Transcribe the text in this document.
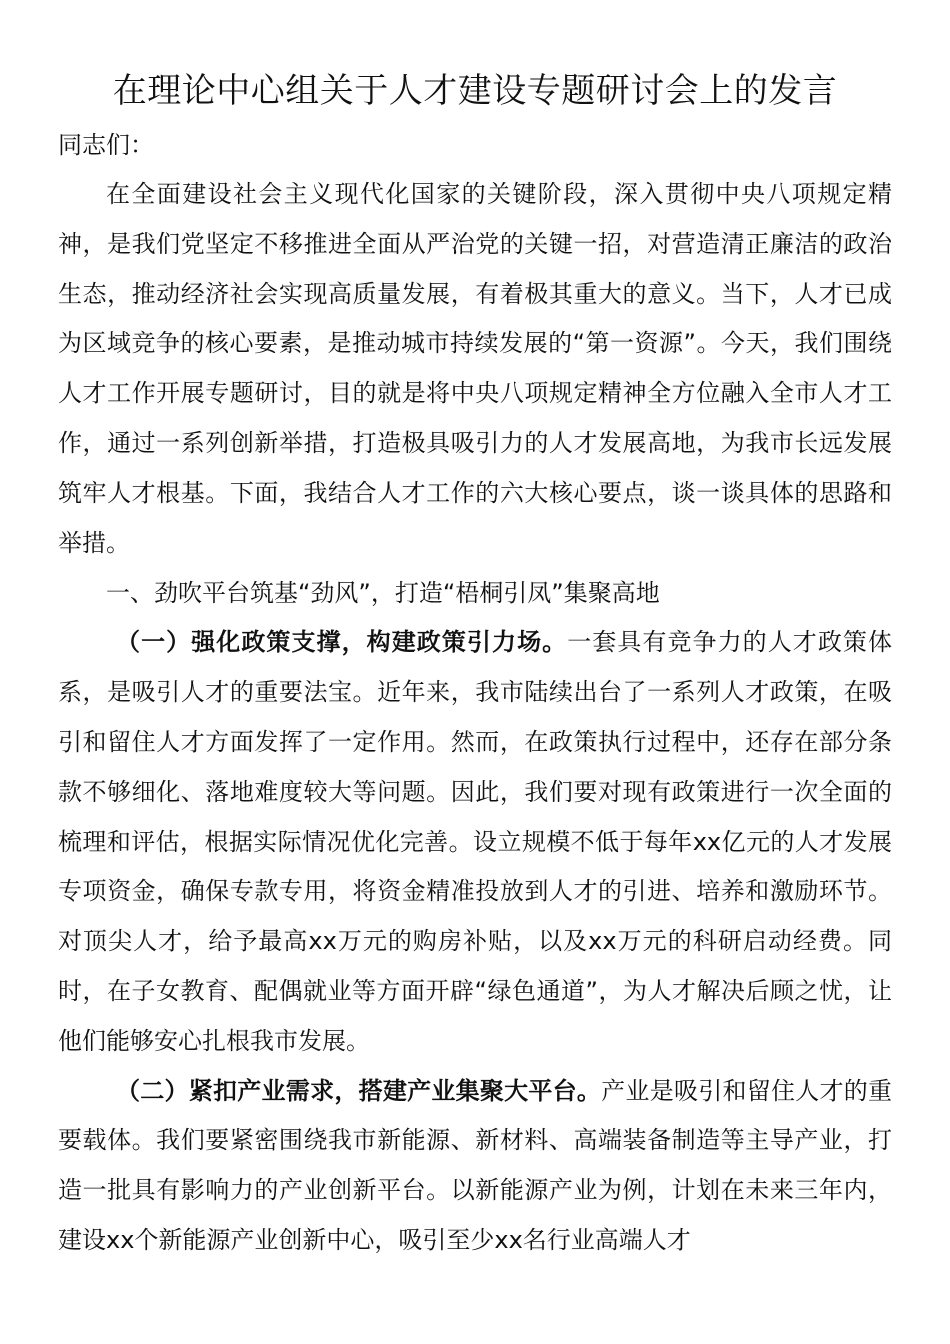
在理论中心组关于人才建设专题研讨会上的发言

同志们：

在全面建设社会主义现代化国家的关键阶段，深入贯彻中央八项规定精神，是我们党坚定不移推进全面从严治党的关键一招，对营造清正廉洁的政治生态，推动经济社会实现高质量发展，有着极其重大的意义。当下，人才已成为区域竞争的核心要素，是推动城市持续发展的“第一资源”。今天，我们围绕人才工作开展专题研讨，目的就是将中央八项规定精神全方位融入全市人才工作，通过一系列创新举措，打造极具吸引力的人才发展高地，为我市长远发展筑牢人才根基。下面，我结合人才工作的六大核心要点，谈一谈具体的思路和举措。

一、劲吹平台筑基“劲风”，打造“梧桐引凤”集聚高地

（一）强化政策支撑，构建政策引力场。一套具有竞争力的人才政策体系，是吸引人才的重要法宝。近年来，我市陆续出台了一系列人才政策，在吸引和留住人才方面发挥了一定作用。然而，在政策执行过程中，还存在部分条款不够细化、落地难度较大等问题。因此，我们要对现有政策进行一次全面的梳理和评估，根据实际情况优化完善。设立规模不低于每年xx亿元的人才发展专项资金，确保专款专用，将资金精准投放到人才的引进、培养和激励环节。对顶尖人才，给予最高xx万元的购房补贴，以及xx万元的科研启动经费。同时，在子女教育、配偶就业等方面开辟“绿色通道”，为人才解决后顾之忧，让他们能够安心扎根我市发展。

（二）紧扣产业需求，搭建产业集聚大平台。产业是吸引和留住人才的重要载体。我们要紧密围绕我市新能源、新材料、高端装备制造等主导产业，打造一批具有影响力的产业创新平台。以新能源产业为例，计划在未来三年内，建设xx个新能源产业创新中心，吸引至少xx名行业高端人才
